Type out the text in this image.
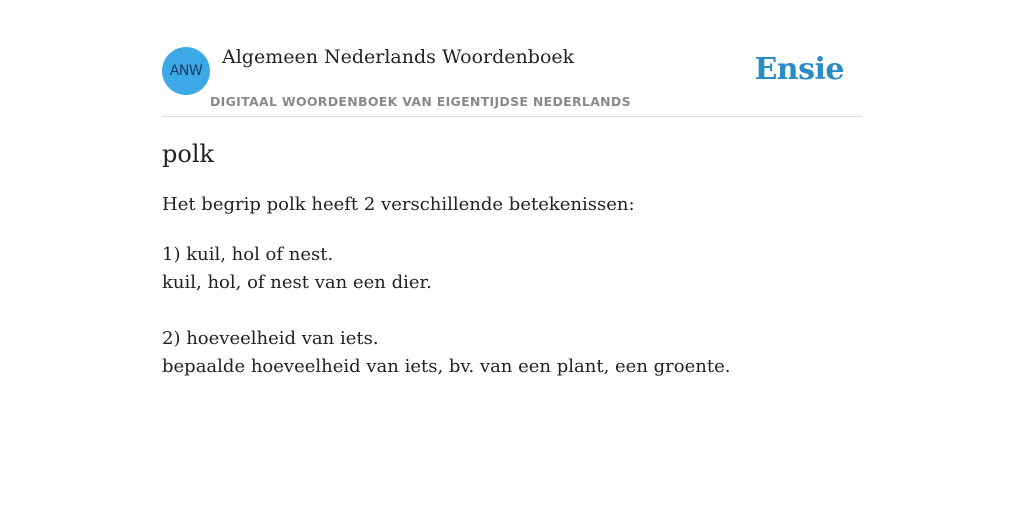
ANW
Algemeen Nederlands Woordenboek
DIGITAAL WOORDENBOEK VAN EIGENTIJDSE NEDERLANDS
Ensie
polk
Het begrip polk heeft 2 verschillende betekenissen:
1) kuil, hol of nest.
kuil, hol, of nest van een dier.
2) hoeveelheid van iets.
bepaalde hoeveelheid van iets, bv. van een plant, een groente.
